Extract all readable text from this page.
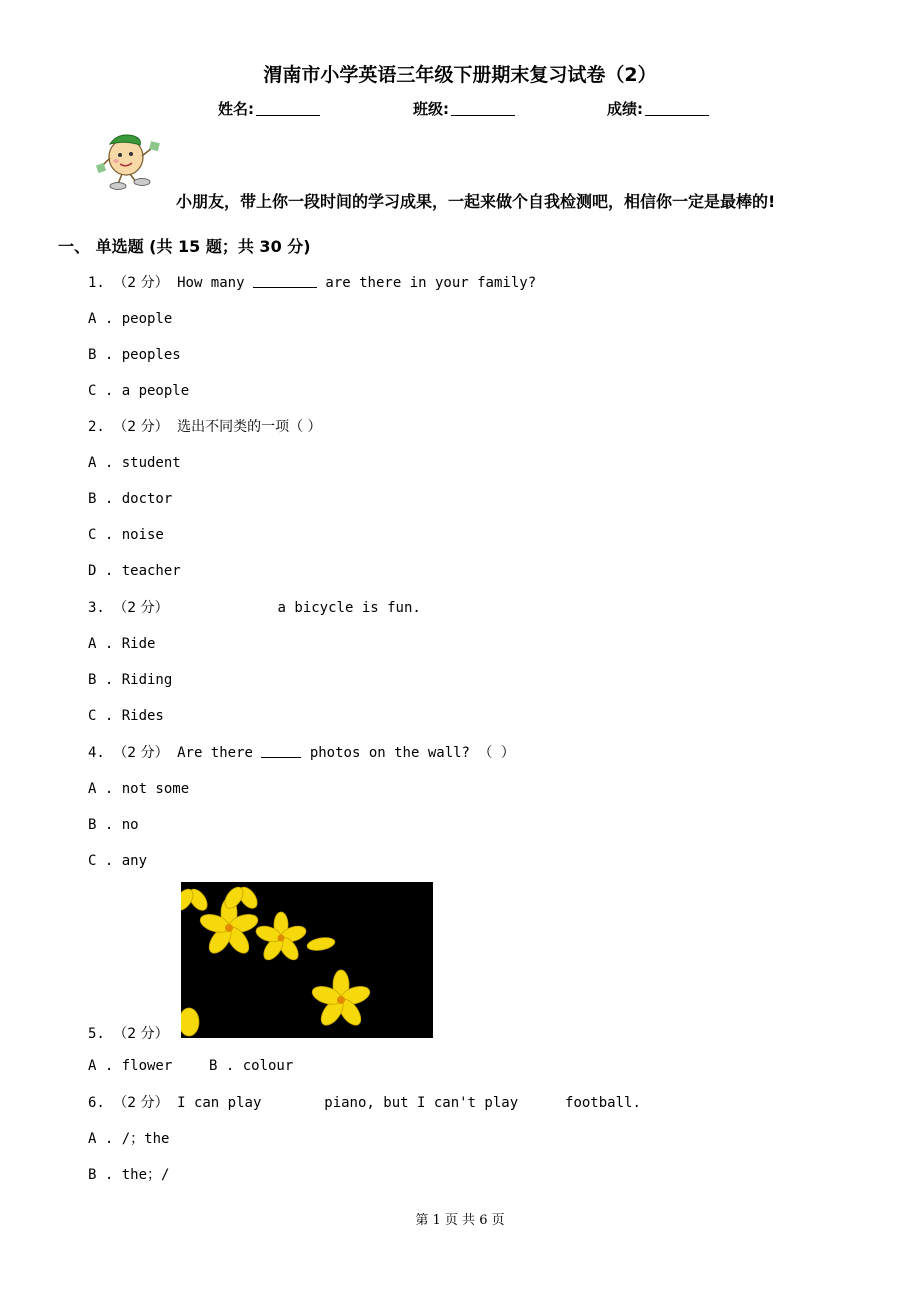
渭南市小学英语三年级下册期末复习试卷（2）
姓名:	班级:	成绩:
小朋友，带上你一段时间的学习成果，一起来做个自我检测吧，相信你一定是最棒的!
一、 单选题 (共 15 题；共 30 分)
1. （2 分） How many	are there in your family?
A . people
B . peoples
C . a people
2. （2 分） 选出不同类的一项（ ）
A . student
B . doctor
C . noise
D . teacher
3. （2 分）	a bicycle is fun.
A . Ride
B . Riding
C . Rides
4. （2 分） Are there	photos on the wall? （ ）
A . not some
B . no
C . any
5. （2 分）
A . flower	B . colour
6. （2 分） I can play	piano, but I can't play	football.
A . /；the
B . the；/
第 1 页 共 6 页
